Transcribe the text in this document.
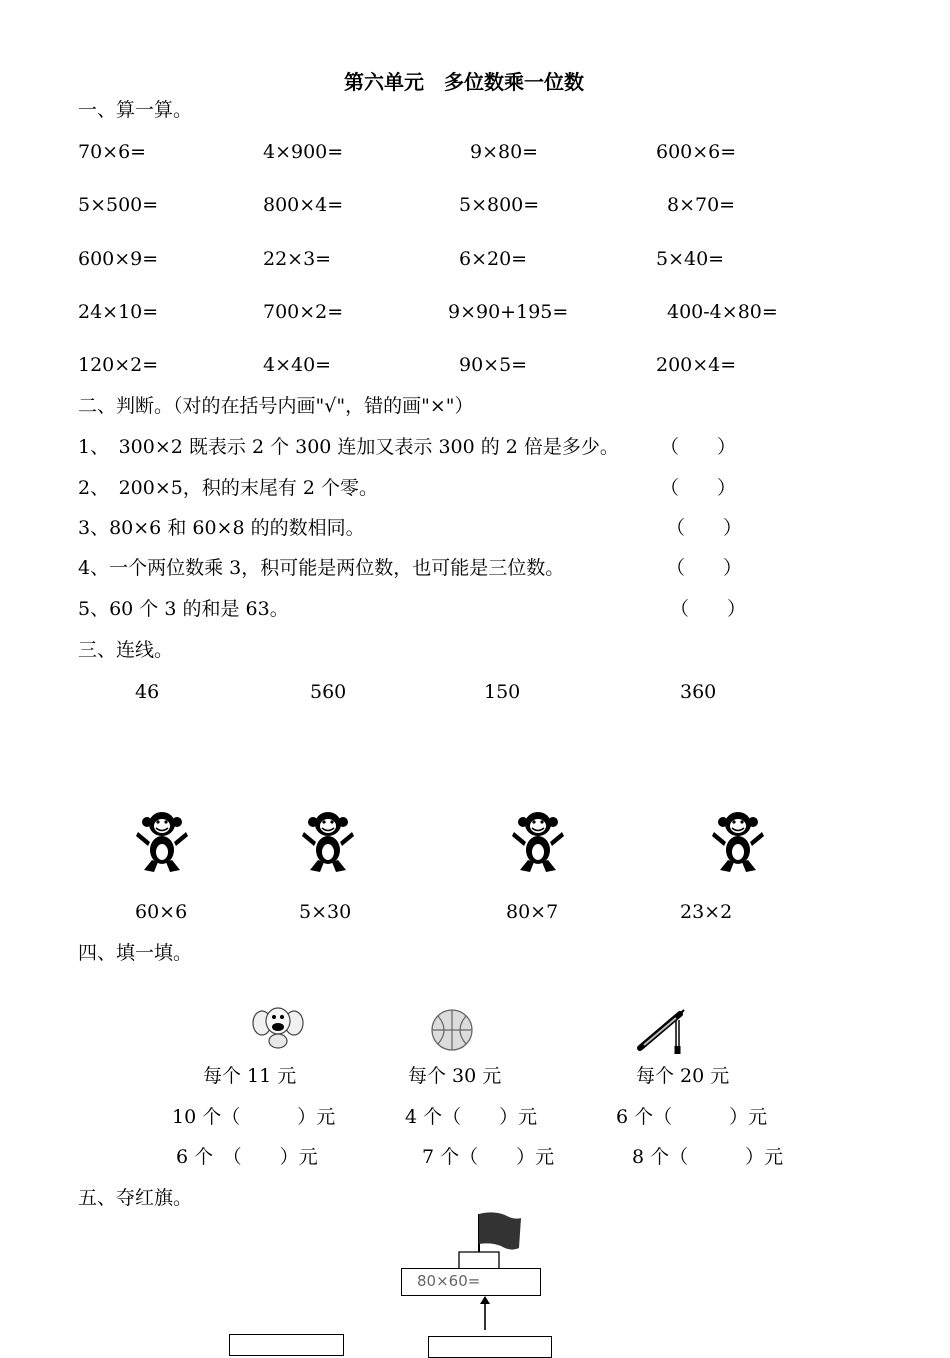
第六单元　多位数乘一位数
一、算一算。
70×6=	4×900=	9×80=	600×6=
5×500=	800×4=	5×800=	8×70=
600×9=	22×3=	6×20=	5×40=
24×10=	700×2=	9×90+195=	400-4×80=
120×2=	4×40=	90×5=	200×4=
二、判断。（对的在括号内画"√"，错的画"×"）
1、　300×2 既表示 2 个 300 连加又表示 300 的 2 倍是多少。 （　　）
2、　200×5，积的末尾有 2 个零。	（　　）
3、80×6 和 60×8 的的数相同。	（　　）
4、一个两位数乘 3，积可能是两位数，也可能是三位数。	（　　）
5、60 个 3 的和是 63。	（　　）
三、连线。
46	560	150	360
60×6	5×30	80×7	23×2
四、填一填。
每个 11 元	每个 30 元	每个 20 元
10 个（　　　）元	4 个（　　）元	6 个（　　　）元
6 个　（　　）元	7 个（　　）元	8 个（　　　）元
五、夺红旗。
80×60=
